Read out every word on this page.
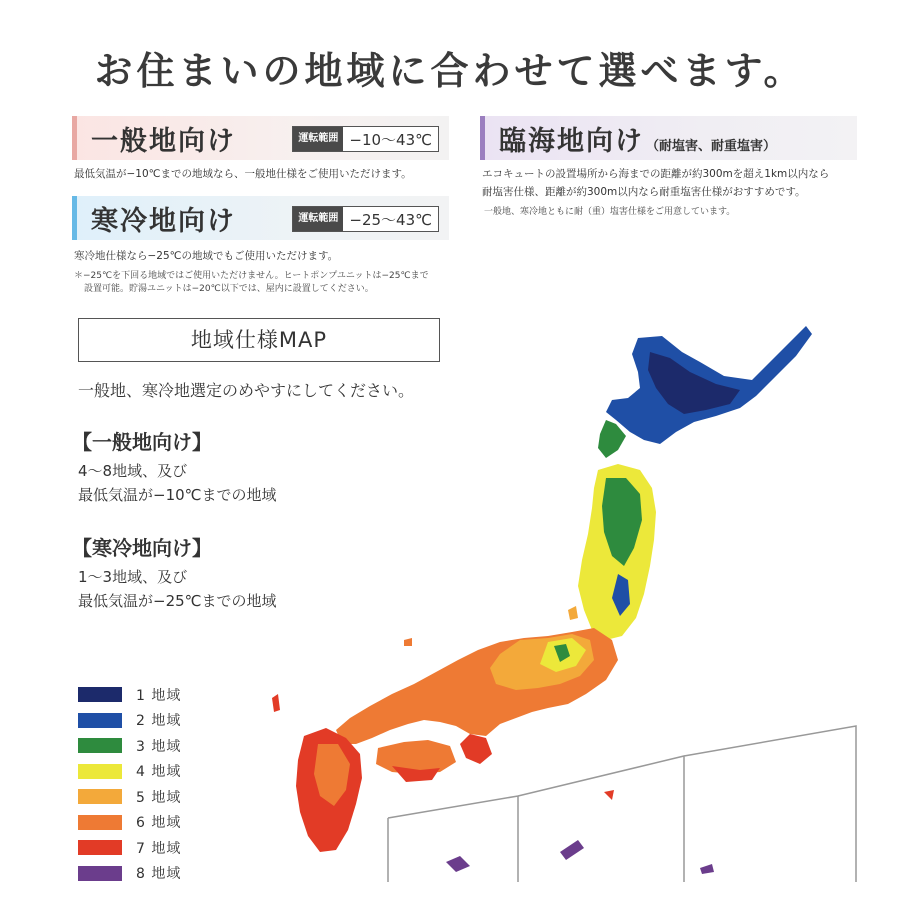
お住まいの地域に合わせて選べます。
一般地向け	運転範囲 −10〜43℃
最低気温が−10℃までの地域なら、一般地仕様をご使用いただけます。
寒冷地向け	運転範囲 −25〜43℃
寒冷地仕様なら−25℃の地域でもご使用いただけます。
＊−25℃を下回る地域ではご使用いただけません。ヒートポンプユニットは−25℃まで
設置可能。貯湯ユニットは−20℃以下では、屋内に設置してください。
臨海地向け （耐塩害、耐重塩害）
エコキュートの設置場所から海までの距離が約300mを超え1km以内なら
耐塩害仕様、距離が約300m以内なら耐重塩害仕様がおすすめです。
一般地、寒冷地ともに耐（重）塩害仕様をご用意しています。
地域仕様MAP
一般地、寒冷地選定のめやすにしてください。
【一般地向け】
4〜8地域、及び
最低気温が−10℃までの地域
【寒冷地向け】
1〜3地域、及び
最低気温が−25℃までの地域
1 地域
2 地域
3 地域
4 地域
5 地域
6 地域
7 地域
8 地域
